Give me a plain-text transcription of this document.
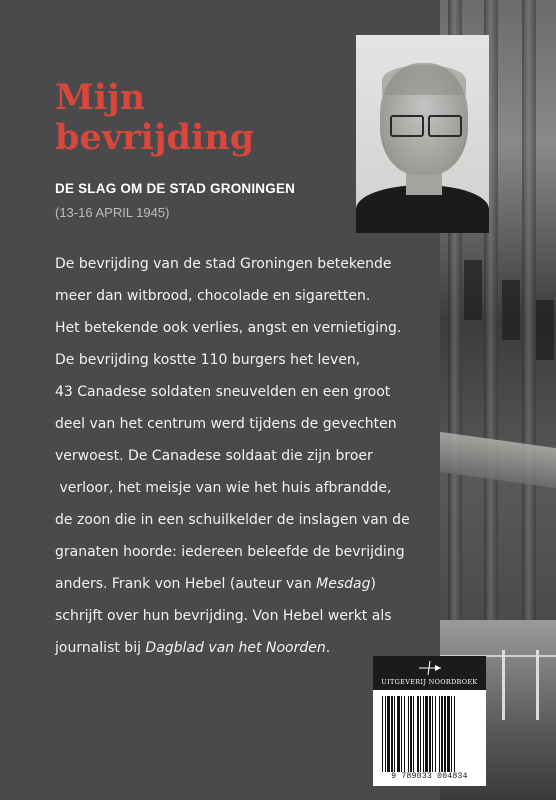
Mijn
bevrijding
DE SLAG OM DE STAD GRONINGEN
(13-16 APRIL 1945)
De bevrijding van de stad Groningen betekende
meer dan witbrood, chocolade en sigaretten.
Het betekende ook verlies, angst en vernietiging.
De bevrijding kostte 110 burgers het leven,
43 Canadese soldaten sneuvelden en een groot
deel van het centrum werd tijdens de gevechten
verwoest. De Canadese soldaat die zijn broer
verloor, het meisje van wie het huis afbrandde,
de zoon die in een schuilkelder de inslagen van de
granaten hoorde: iedereen beleefde de bevrijding
anders. Frank von Hebel (auteur van Mesdag)
schrijft over hun bevrijding. Von Hebel werkt als
journalist bij Dagblad van het Noorden.
UITGEVERIJ NOORDBOEK
9 789033 004834
